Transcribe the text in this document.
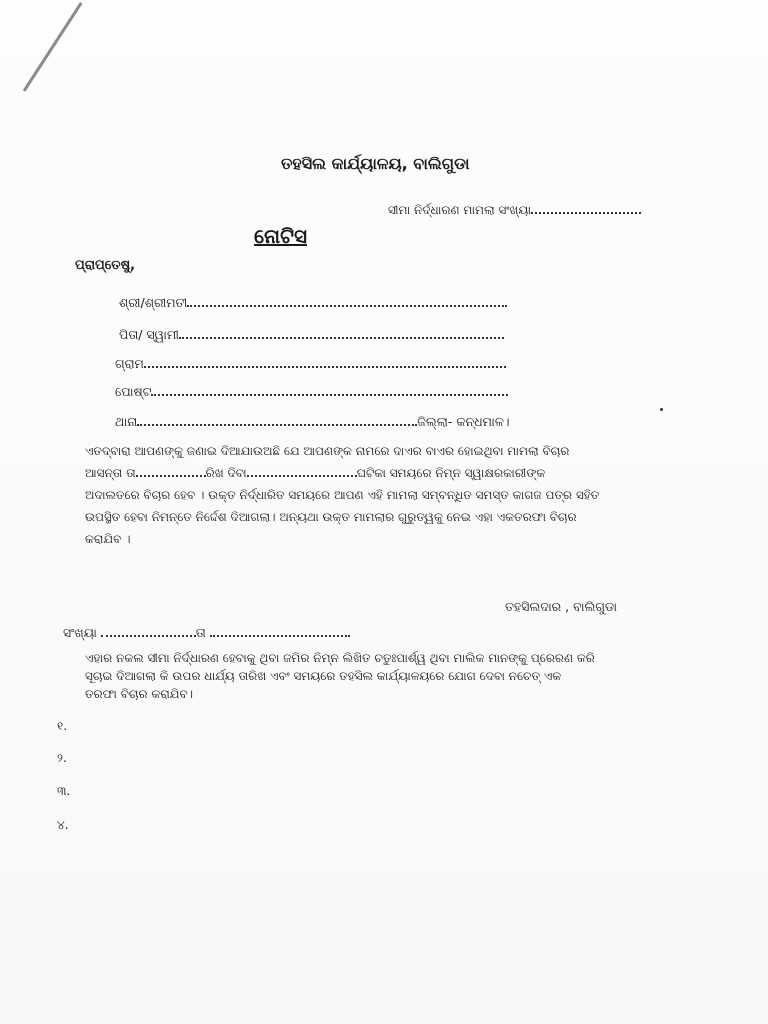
ତହସିଲ କାର୍ଯ୍ୟାଳୟ, ବାଲିଗୁଡା
ସୀମା ନିର୍ଦ୍ଧାରଣ ମାମଲା ସଂଖ୍ୟା
ନୋଟିସ
ପ୍ରାପ୍ତେଷୁ,
ଶ୍ରୀ/ଶ୍ରୀମତୀ
ପିତା/ ସ୍ୱାମୀ
ଗ୍ରାମ
ପୋଷ୍ଟ
ଥାନା	ଜିଲ୍ଲା- କନ୍ଧମାଳ।
ଏତଦ୍ବାରା ଆପଣଙ୍କୁ ଜଣାଇ ଦିଆଯାଉଅଛି ଯେ ଆପଣଙ୍କ ନାମରେ ଦାଏର ବାଏର ହୋଇଥିବା ମାମଲା ବିଚାର
ଆସନ୍ତା ତା	ରିଖ ଦିବା	ଘଟିକା ସମୟରେ ନିମ୍ନ ସ୍ୱାକ୍ଷରକାରୀଙ୍କ
ଅଦାଲତରେ ବିଚାର ହେବ । ଉକ୍ତ ନିର୍ଦ୍ଧାରିତ ସମୟରେ ଆପଣ ଏହି ମାମଲା ସମ୍ବନ୍ଧିତ ସମସ୍ତ କାଗଜ ପତ୍ର ସହିତ
ଉପସ୍ଥିତ ହେବା ନିମନ୍ତେ ନିର୍ଦ୍ଦେଶ ଦିଆଗଲା। ଅନ୍ୟଥା ଉକ୍ତ ମାମଲାର ଗୁରୁତ୍ୱକୁ ନେଇ ଏହା ଏକତରଫା ବିଚାର
କରାଯିବ ।
ତହସିଲଦାର , ବାଲିଗୁଡା
ସଂଖ୍ୟା	ତା
ଏହାର ନକଲ ସୀମା ନିର୍ଦ୍ଧାରଣ ହେବାକୁ ଥିବା ଜମିର ନିମ୍ନ ଲିଖିତ ଚତୁଃପାର୍ଶ୍ୱ ଥିବା ମାଲିକ ମାନଙ୍କୁ ପ୍ରେରଣ କରି
ସୂଚାଇ ଦିଆଗଲା କି ଉପର ଧାର୍ଯ୍ୟ ତାରିଖ ଏବଂ ସମୟରେ ତହସିଲ କାର୍ଯ୍ୟାଳୟରେ ଯୋଗ ଦେବା ନଚେତ୍ ଏକ
ତରଫା ବିଚାର କରାଯିବ।
୧.
୨.
୩.
୪.
